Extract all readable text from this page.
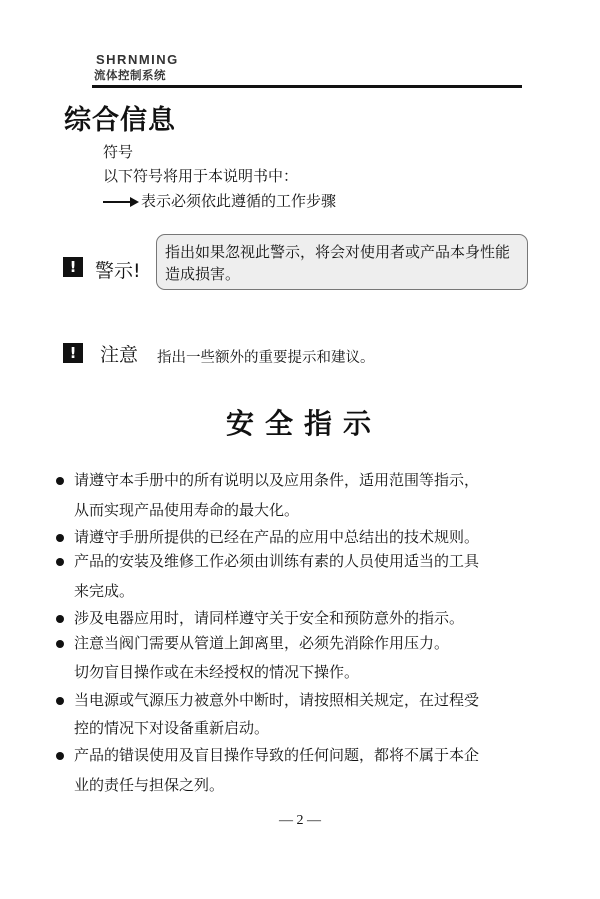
SHRNMING
流体控制系统
综合信息
符号
以下符号将用于本说明书中：
表示必须依此遵循的工作步骤
! 警示!
指出如果忽视此警示，将会对使用者或产品本身性能
造成损害。
!	注意 指出一些额外的重要提示和建议。
安全指示
请遵守本手册中的所有说明以及应用条件，适用范围等指示，
从而实现产品使用寿命的最大化。
请遵守手册所提供的已经在产品的应用中总结出的技术规则。
产品的安装及维修工作必须由训练有素的人员使用适当的工具
来完成。
涉及电器应用时，请同样遵守关于安全和预防意外的指示。
注意当阀门需要从管道上卸离里，必须先消除作用压力。
切勿盲目操作或在未经授权的情况下操作。
当电源或气源压力被意外中断时，请按照相关规定，在过程受
控的情况下对设备重新启动。
产品的错误使用及盲目操作导致的任何问题，都将不属于本企
业的责任与担保之列。
— 2 —
